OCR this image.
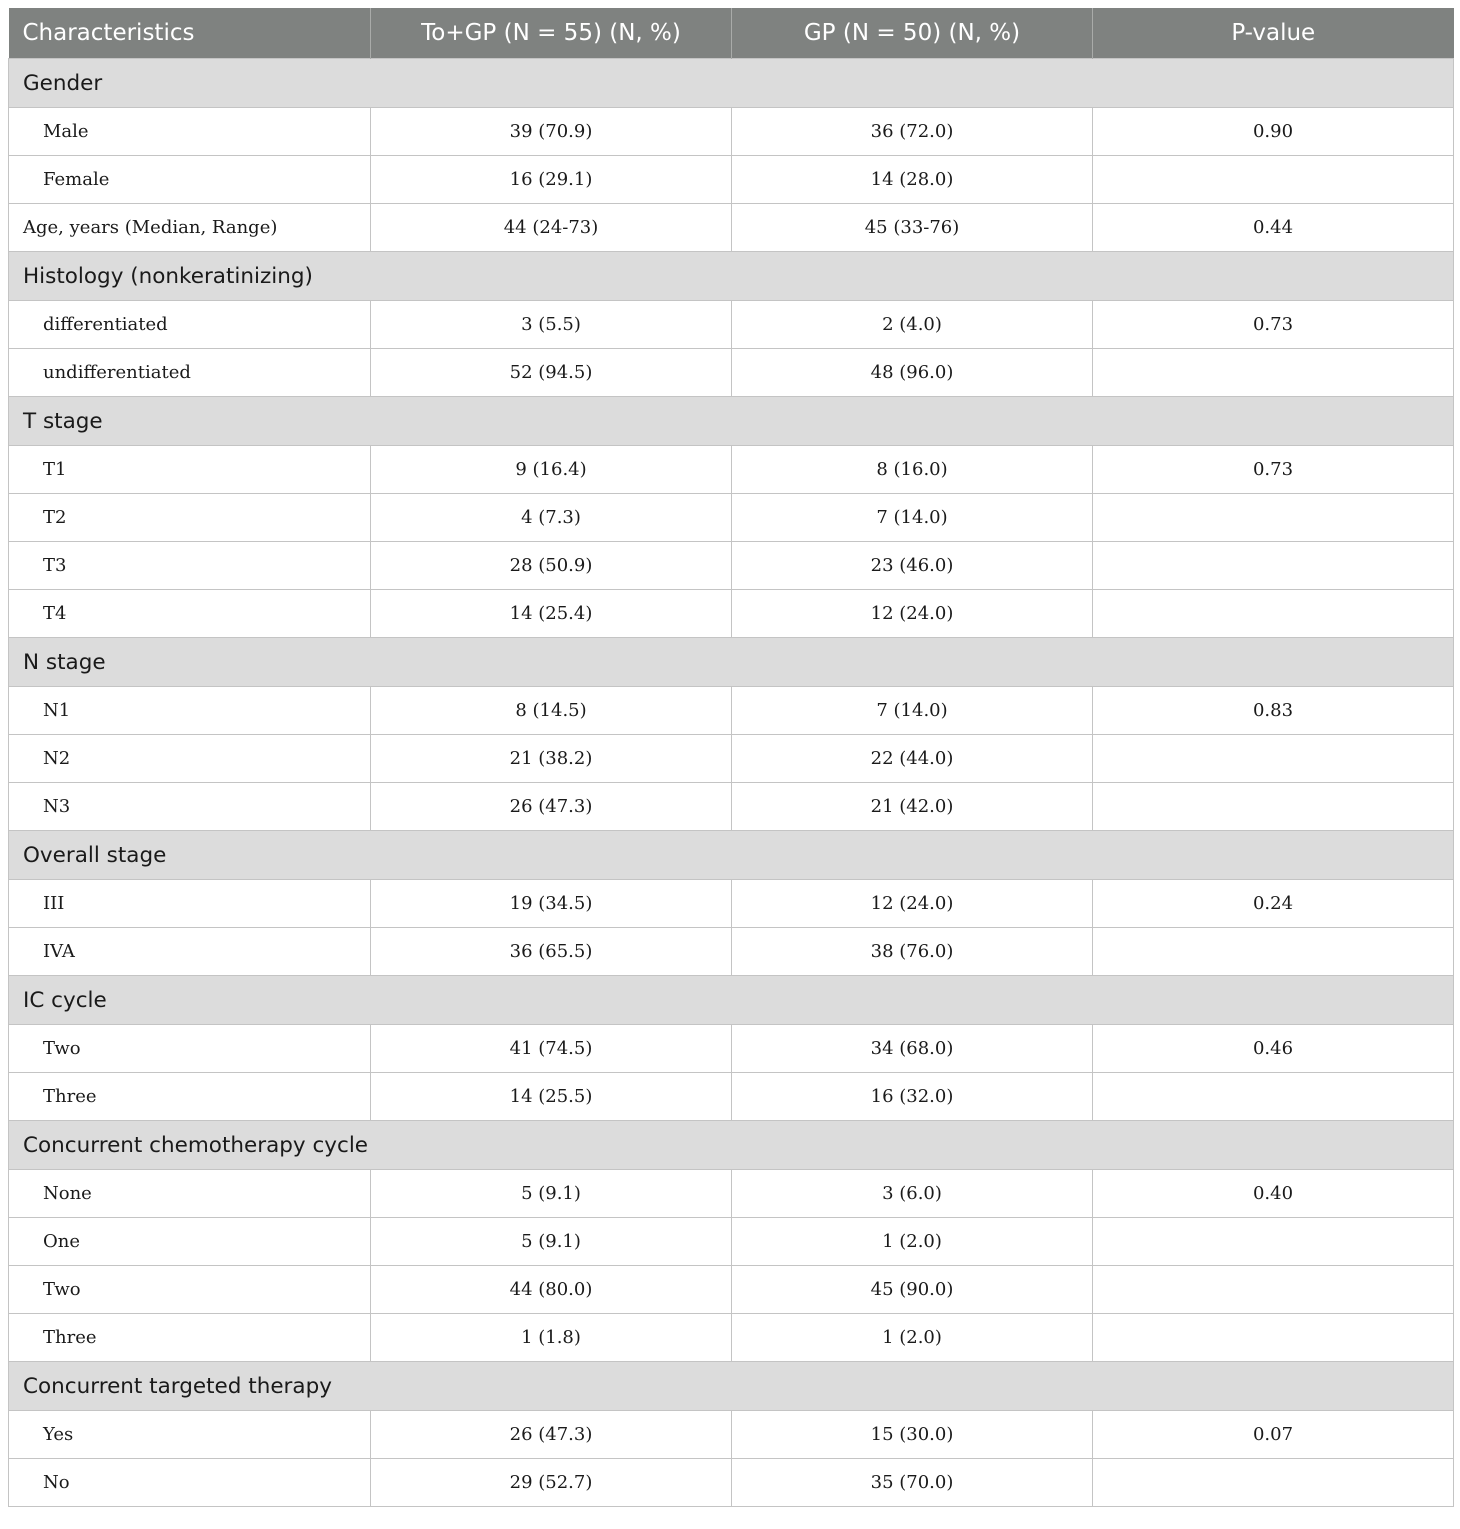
Characteristics	To+GP (N = 55) (N, %)	GP (N = 50) (N, %)	P-value
Gender			
Male	39 (70.9)	36 (72.0)	0.90
Female	16 (29.1)	14 (28.0)	
Age, years (Median, Range)	44 (24-73)	45 (33-76)	0.44
Histology (nonkeratinizing)			
differentiated	3 (5.5)	2 (4.0)	0.73
undifferentiated	52 (94.5)	48 (96.0)	
T stage			
T1	9 (16.4)	8 (16.0)	0.73
T2	4 (7.3)	7 (14.0)	
T3	28 (50.9)	23 (46.0)	
T4	14 (25.4)	12 (24.0)	
N stage			
N1	8 (14.5)	7 (14.0)	0.83
N2	21 (38.2)	22 (44.0)	
N3	26 (47.3)	21 (42.0)	
Overall stage			
III	19 (34.5)	12 (24.0)	0.24
IVA	36 (65.5)	38 (76.0)	
IC cycle			
Two	41 (74.5)	34 (68.0)	0.46
Three	14 (25.5)	16 (32.0)	
Concurrent chemotherapy cycle			
None	5 (9.1)	3 (6.0)	0.40
One	5 (9.1)	1 (2.0)	
Two	44 (80.0)	45 (90.0)	
Three	1 (1.8)	1 (2.0)	
Concurrent targeted therapy			
Yes	26 (47.3)	15 (30.0)	0.07
No	29 (52.7)	35 (70.0)	
